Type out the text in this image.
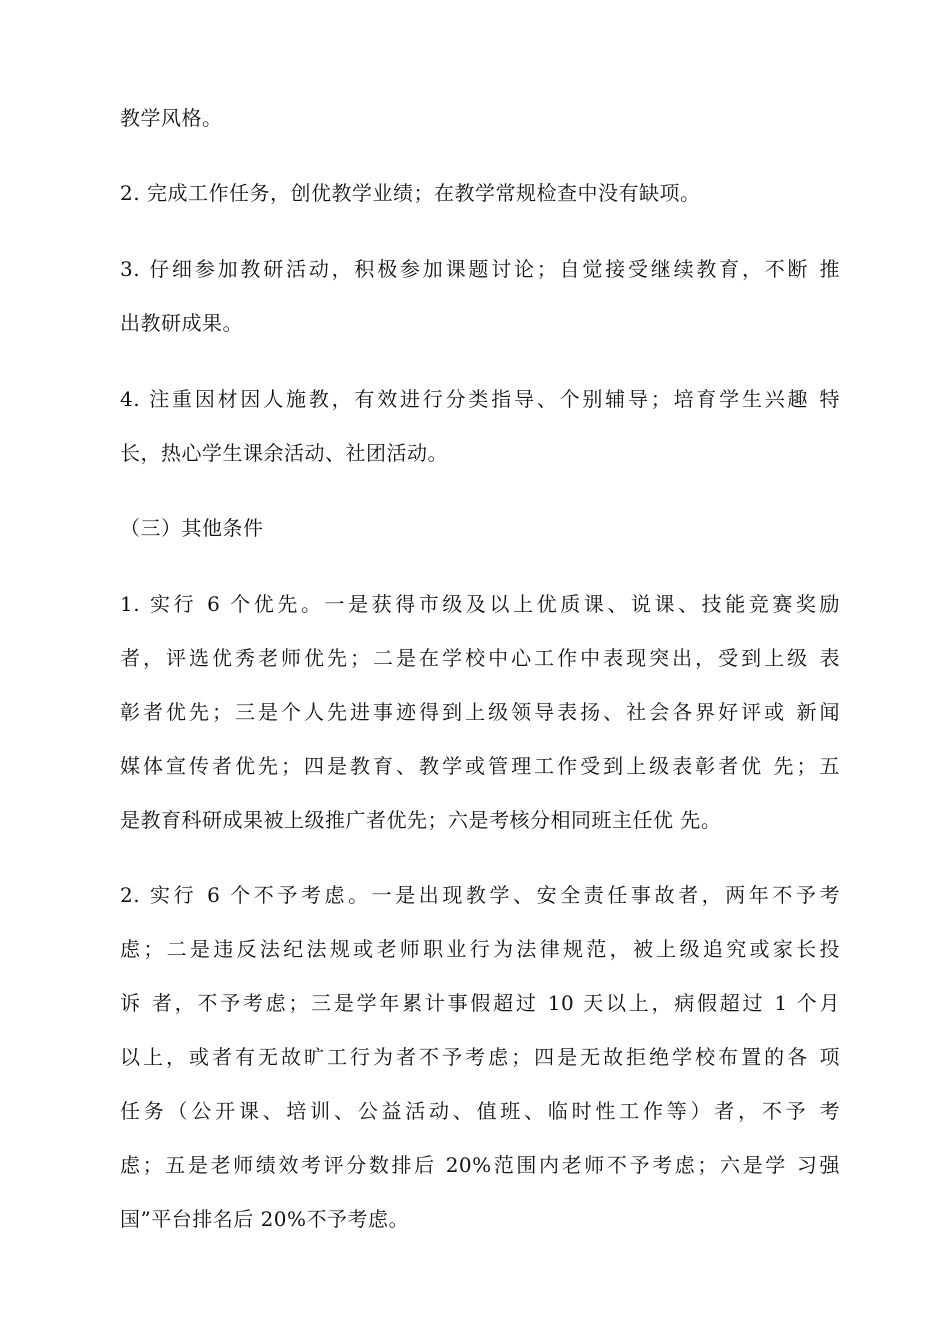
教学风格。
2. 完成工作任务，创优教学业绩；在教学常规检查中没有缺项。
3. 仔细参加教研活动，积极参加课题讨论；自觉接受继续教育，不断 推
出教研成果。
4. 注重因材因人施教，有效进行分类指导、个别辅导；培育学生兴趣 特
长，热心学生课余活动、社团活动。
（三）其他条件
1. 实行 6 个优先。一是获得市级及以上优质课、说课、技能竞赛奖励
者，评选优秀老师优先；二是在学校中心工作中表现突出，受到上级 表
彰者优先；三是个人先进事迹得到上级领导表扬、社会各界好评或 新闻
媒体宣传者优先；四是教育、教学或管理工作受到上级表彰者优 先；五
是教育科研成果被上级推广者优先；六是考核分相同班主任优 先。
2. 实行 6 个不予考虑。一是出现教学、安全责任事故者，两年不予考
虑；二是违反法纪法规或老师职业行为法律规范，被上级追究或家长投
诉 者，不予考虑；三是学年累计事假超过 10 天以上，病假超过 1 个月
以上，或者有无故旷工行为者不予考虑；四是无故拒绝学校布置的各 项
任务（公开课、培训、公益活动、值班、临时性工作等）者，不予 考
虑；五是老师绩效考评分数排后 20%范围内老师不予考虑；六是学 习强
国”平台排名后 20%不予考虑。
